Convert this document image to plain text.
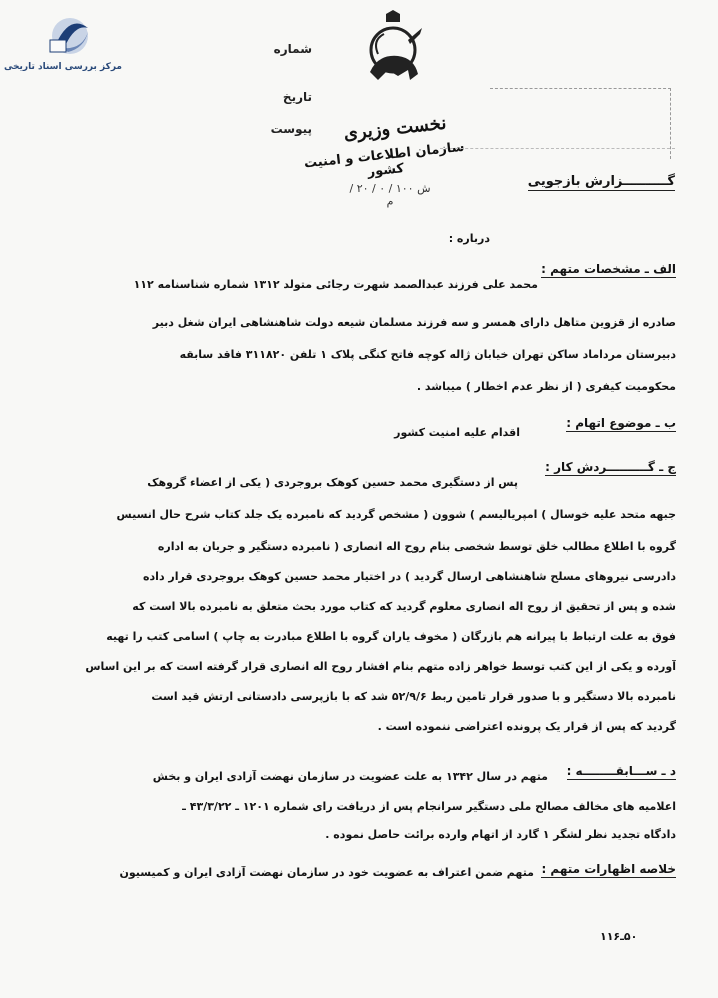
مرکز بررسی اسناد تاریخی
شماره
تاریخ
پیوست	نخست وزیری
سازمان اطلاعات و امنیت کشور
ش ۱۰۰ / ۰ / ۲۰ / م
گــــــــــزارش بازجویی
درباره :
الف ـ مشخصات متهم :
محمد علی فرزند عبدالصمد شهرت رجائی متولد ۱۳۱۲ شماره شناسنامه ۱۱۲
صادره از قزوین متاهل دارای همسر و سه فرزند مسلمان شیعه دولت شاهنشاهی ایران شغل دبیر
دبیرستان مرداماد ساکن تهران خیابان ژاله کوچه فاتح کنگی پلاک ۱ تلفن ۳۱۱۸۲۰ فاقد سابقه
محکومیت کیفری ( از نظر عدم اخطار ) میباشد .
ب ـ موضوع اتهام :
اقدام علیه امنیت کشور
ج ـ گــــــــــردش کار :
پس از دستگیری محمد حسین کوهک بروجردی ( یکی از اعضاء گروهک
جبهه متحد علیه خوسال ) امپریالیسم ) شوون ( مشخص گردید که نامبرده یک جلد کتاب شرح حال انسیس
گروه با اطلاع مطالب خلق توسط شخصی بنام روح اله انصاری ( نامبرده دستگیر و جریان به اداره
دادرسی نیروهای مسلح شاهنشاهی ارسال گردید ) در اختیار محمد حسین کوهک بروجردی قرار داده
شده و پس از تحقیق از روح اله انصاری معلوم گردید که کتاب مورد بحث متعلق به نامبرده بالا است که
فوق به علت ارتباط با پیرانه هم بازرگان ( مخوف یاران گروه با اطلاع مبادرت به چاپ ) اسامی کتب را تهیه
آورده و یکی از این کتب توسط خواهر زاده متهم بنام افشار روح اله انصاری قرار گرفته است که بر این اساس
نامبرده بالا دستگیر و با صدور قرار تامین ربط ۵۲/۹/۶ شد که با بازپرسی دادستانی ارتش قید است
گردید که پس از قرار یک پرونده اعتراضی ننموده است .
د ـ ســـابقــــــــه :
متهم در سال ۱۳۴۲ به علت عضویت در سازمان نهضت آزادی ایران و بخش
اعلامیه های مخالف مصالح ملی دستگیر سرانجام پس از دریافت رای شماره ۱۲۰۱ ـ ۴۳/۳/۲۲ ـ
دادگاه تجدید نظر لشگر ۱ گارد از اتهام وارده برائت حاصل نموده .
خلاصه اظهارات متهم :
متهم ضمن اعتراف به عضویت خود در سازمان نهضت آزادی ایران و کمیسیون
۵۰ـ۱۱۶
